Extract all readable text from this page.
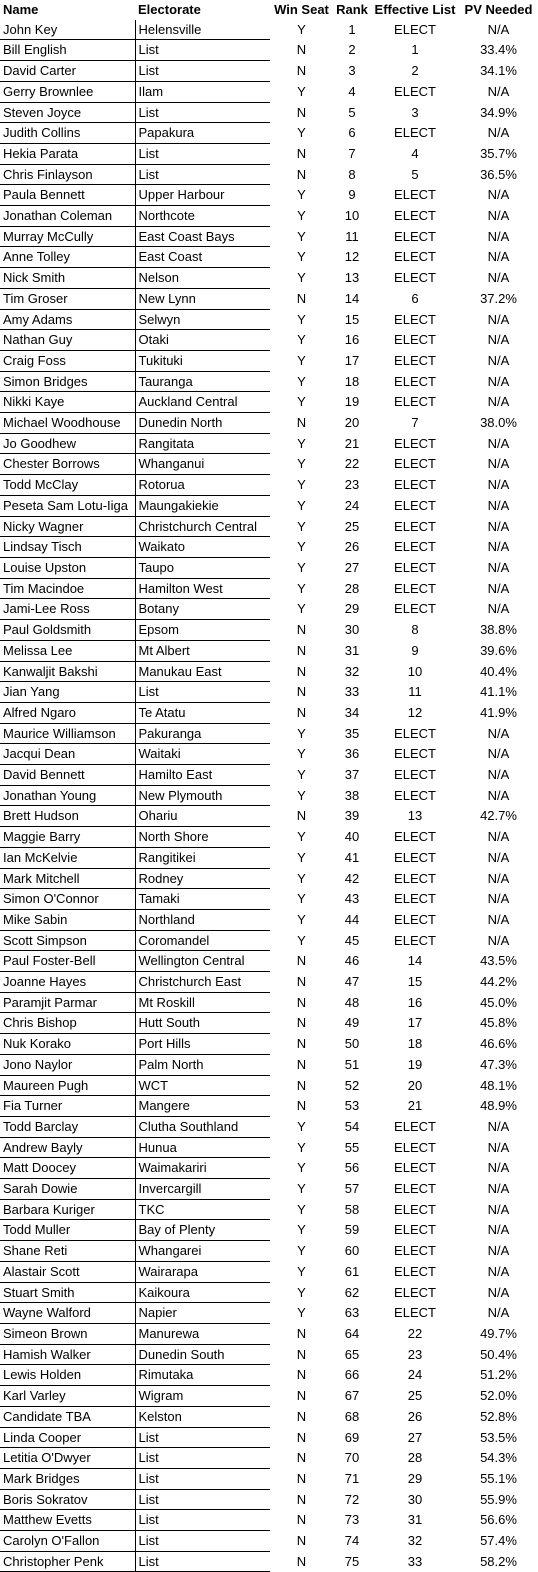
Name	Electorate	Win Seat	Rank	Effective List	PV Needed
John Key	Helensville	Y	1	ELECT	N/A
Bill English	List	N	2	1	33.4%
David Carter	List	N	3	2	34.1%
Gerry Brownlee	Ilam	Y	4	ELECT	N/A
Steven Joyce	List	N	5	3	34.9%
Judith Collins	Papakura	Y	6	ELECT	N/A
Hekia Parata	List	N	7	4	35.7%
Chris Finlayson	List	N	8	5	36.5%
Paula Bennett	Upper Harbour	Y	9	ELECT	N/A
Jonathan Coleman	Northcote	Y	10	ELECT	N/A
Murray McCully	East Coast Bays	Y	11	ELECT	N/A
Anne Tolley	East Coast	Y	12	ELECT	N/A
Nick Smith	Nelson	Y	13	ELECT	N/A
Tim Groser	New Lynn	N	14	6	37.2%
Amy Adams	Selwyn	Y	15	ELECT	N/A
Nathan Guy	Otaki	Y	16	ELECT	N/A
Craig Foss	Tukituki	Y	17	ELECT	N/A
Simon Bridges	Tauranga	Y	18	ELECT	N/A
Nikki Kaye	Auckland Central	Y	19	ELECT	N/A
Michael Woodhouse	Dunedin North	N	20	7	38.0%
Jo Goodhew	Rangitata	Y	21	ELECT	N/A
Chester Borrows	Whanganui	Y	22	ELECT	N/A
Todd McClay	Rotorua	Y	23	ELECT	N/A
Peseta Sam Lotu-Iiga	Maungakiekie	Y	24	ELECT	N/A
Nicky Wagner	Christchurch Central	Y	25	ELECT	N/A
Lindsay Tisch	Waikato	Y	26	ELECT	N/A
Louise Upston	Taupo	Y	27	ELECT	N/A
Tim Macindoe	Hamilton West	Y	28	ELECT	N/A
Jami-Lee Ross	Botany	Y	29	ELECT	N/A
Paul Goldsmith	Epsom	N	30	8	38.8%
Melissa Lee	Mt Albert	N	31	9	39.6%
Kanwaljit Bakshi	Manukau East	N	32	10	40.4%
Jian Yang	List	N	33	11	41.1%
Alfred Ngaro	Te Atatu	N	34	12	41.9%
Maurice Williamson	Pakuranga	Y	35	ELECT	N/A
Jacqui Dean	Waitaki	Y	36	ELECT	N/A
David Bennett	Hamilto East	Y	37	ELECT	N/A
Jonathan Young	New Plymouth	Y	38	ELECT	N/A
Brett Hudson	Ohariu	N	39	13	42.7%
Maggie Barry	North Shore	Y	40	ELECT	N/A
Ian McKelvie	Rangitikei	Y	41	ELECT	N/A
Mark Mitchell	Rodney	Y	42	ELECT	N/A
Simon O'Connor	Tamaki	Y	43	ELECT	N/A
Mike Sabin	Northland	Y	44	ELECT	N/A
Scott Simpson	Coromandel	Y	45	ELECT	N/A
Paul Foster-Bell	Wellington Central	N	46	14	43.5%
Joanne Hayes	Christchurch East	N	47	15	44.2%
Paramjit Parmar	Mt Roskill	N	48	16	45.0%
Chris Bishop	Hutt South	N	49	17	45.8%
Nuk Korako	Port Hills	N	50	18	46.6%
Jono Naylor	Palm North	N	51	19	47.3%
Maureen Pugh	WCT	N	52	20	48.1%
Fia Turner	Mangere	N	53	21	48.9%
Todd Barclay	Clutha Southland	Y	54	ELECT	N/A
Andrew Bayly	Hunua	Y	55	ELECT	N/A
Matt Doocey	Waimakariri	Y	56	ELECT	N/A
Sarah Dowie	Invercargill	Y	57	ELECT	N/A
Barbara Kuriger	TKC	Y	58	ELECT	N/A
Todd Muller	Bay of Plenty	Y	59	ELECT	N/A
Shane Reti	Whangarei	Y	60	ELECT	N/A
Alastair Scott	Wairarapa	Y	61	ELECT	N/A
Stuart Smith	Kaikoura	Y	62	ELECT	N/A
Wayne Walford	Napier	Y	63	ELECT	N/A
Simeon Brown	Manurewa	N	64	22	49.7%
Hamish Walker	Dunedin South	N	65	23	50.4%
Lewis Holden	Rimutaka	N	66	24	51.2%
Karl Varley	Wigram	N	67	25	52.0%
Candidate TBA	Kelston	N	68	26	52.8%
Linda Cooper	List	N	69	27	53.5%
Letitia O'Dwyer	List	N	70	28	54.3%
Mark Bridges	List	N	71	29	55.1%
Boris Sokratov	List	N	72	30	55.9%
Matthew Evetts	List	N	73	31	56.6%
Carolyn O'Fallon	List	N	74	32	57.4%
Christopher Penk	List	N	75	33	58.2%
